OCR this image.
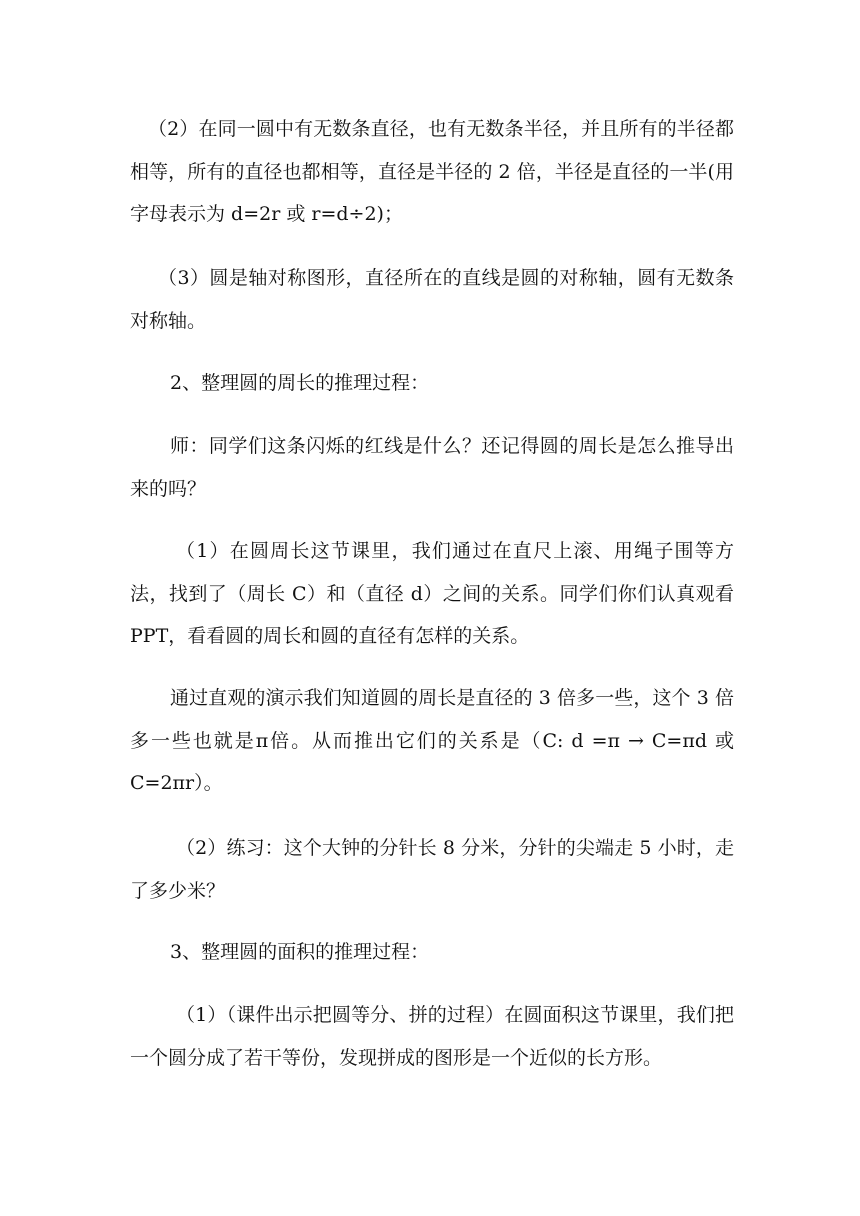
（2）在同一圆中有无数条直径，也有无数条半径，并且所有的半径都相等，所有的直径也都相等，直径是半径的 2 倍，半径是直径的一半(用字母表示为 d=2r 或 r=d÷2)；

（3）圆是轴对称图形，直径所在的直线是圆的对称轴，圆有无数条对称轴。

2、整理圆的周长的推理过程：

师：同学们这条闪烁的红线是什么？还记得圆的周长是怎么推导出来的吗？

（1）在圆周长这节课里，我们通过在直尺上滚、用绳子围等方法，找到了（周长 C）和（直径 d）之间的关系。同学们你们认真观看 PPT，看看圆的周长和圆的直径有怎样的关系。

通过直观的演示我们知道圆的周长是直径的 3 倍多一些，这个 3 倍多一些也就是π倍。从而推出它们的关系是（C: d =π → C=πd 或 C=2πr）。

（2）练习：这个大钟的分针长 8 分米，分针的尖端走 5 小时，走了多少米？

3、整理圆的面积的推理过程：

（1）（课件出示把圆等分、拼的过程）在圆面积这节课里，我们把一个圆分成了若干等份，发现拼成的图形是一个近似的长方形。
